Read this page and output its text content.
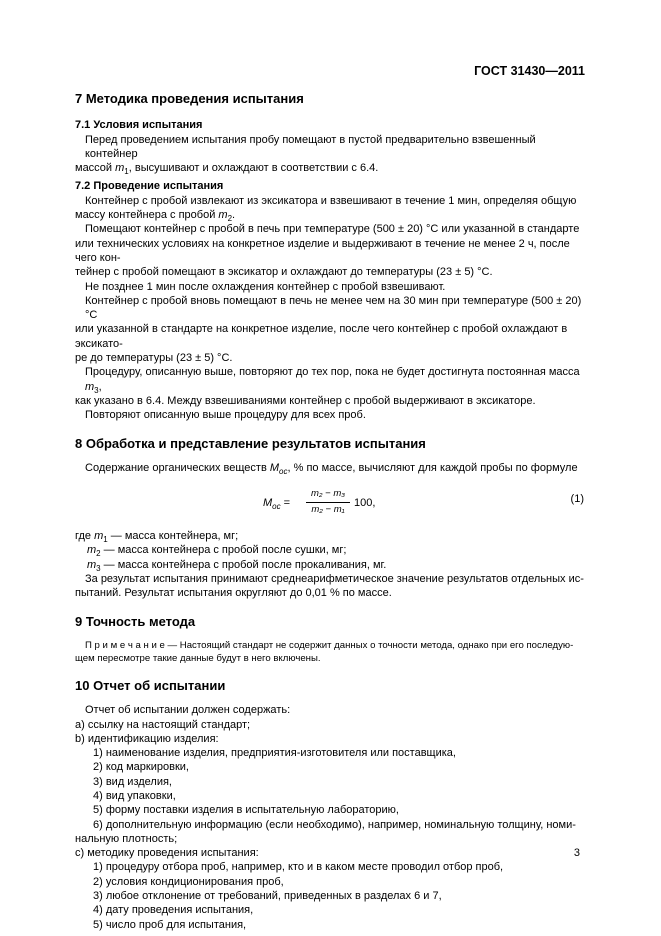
ГОСТ 31430—2011
7 Методика проведения испытания
7.1 Условия испытания
Перед проведением испытания пробу помещают в пустой предварительно взвешенный контейнер
массой $m_1$, высушивают и охлаждают в соответствии с 6.4.
7.2 Проведение испытания
Контейнер с пробой извлекают из эксикатора и взвешивают в течение 1 мин, определяя общую
массу контейнера с пробой $m_2$.
Помещают контейнер с пробой в печь при температуре (500 ± 20) °С или указанной в стандарте
или технических условиях на конкретное изделие и выдерживают в течение не менее 2 ч, после чего кон-
тейнер с пробой помещают в эксикатор и охлаждают до температуры (23 ± 5) °С.
Не позднее 1 мин после охлаждения контейнер с пробой взвешивают.
Контейнер с пробой вновь помещают в печь не менее чем на 30 мин при температуре (500 ± 20) °С
или указанной в стандарте на конкретное изделие, после чего контейнер с пробой охлаждают в эксикато-
ре до температуры (23 ± 5) °С.
Процедуру, описанную выше, повторяют до тех пор, пока не будет достигнута постоянная масса $m_3$,
как указано в 6.4. Между взвешиваниями контейнер с пробой выдерживают в эксикаторе.
Повторяют описанную выше процедуру для всех проб.
8 Обработка и представление результатов испытания
Содержание органических веществ $M_{ос}$, % по массе, вычисляют для каждой пробы по формуле
$M_{ос} = \frac{\text{m₂ − m₃}}{\text{m₂ − m₁}} 100$,	(1)
где $m_1$ — масса контейнера, мг;
$m_2$ — масса контейнера с пробой после сушки, мг;
$m_3$ — масса контейнера с пробой после прокаливания, мг.
За результат испытания принимают среднеарифметическое значение результатов отдельных ис-
пытаний. Результат испытания округляют до 0,01 % по массе.
9 Точность метода
П р и м е ч а н и е — Настоящий стандарт не содержит данных о точности метода, однако при его последую-
щем пересмотре такие данные будут в него включены.
10 Отчет об испытании
Отчет об испытании должен содержать:
a) ссылку на настоящий стандарт;
b) идентификацию изделия:
1) наименование изделия, предприятия-изготовителя или поставщика,
2) код маркировки,
3) вид изделия,
4) вид упаковки,
5) форму поставки изделия в испытательную лабораторию,
6) дополнительную информацию (если необходимо), например, номинальную толщину, номи-
нальную плотность;
c) методику проведения испытания:
1) процедуру отбора проб, например, кто и в каком месте проводил отбор проб,
2) условия кондиционирования проб,
3) любое отклонение от требований, приведенных в разделах 6 и 7,
4) дату проведения испытания,
5) число проб для испытания,
3
